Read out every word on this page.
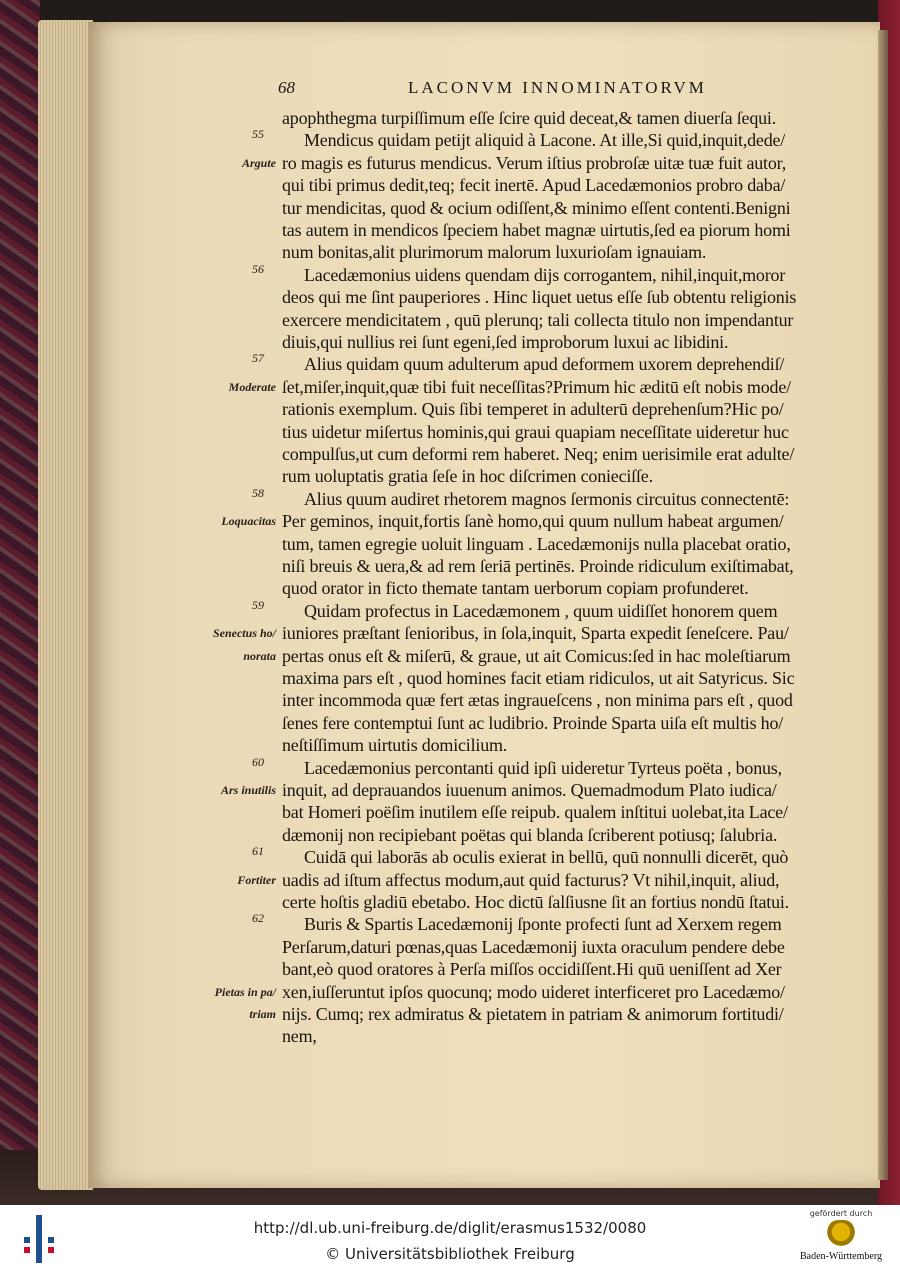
68	LACONVM INNOMINATORVM
apophthegma turpiſſimum eſſe ſcire quid deceat,& tamen diuerſa ſequi.
Mendicus quidam petijt aliquid à Lacone. At ille,Si quid,inquit,dede/
55
ro magis es futurus mendicus. Verum iſtius probroſæ uitæ tuæ fuit autor,
Argute
qui tibi primus dedit,teq; fecit inertē. Apud Lacedæmonios probro daba/
tur mendicitas, quod & ocium odiſſent,& minimo eſſent contenti.Benigni
tas autem in mendicos ſpeciem habet magnæ uirtutis,ſed ea piorum homi
num bonitas,alit plurimorum malorum luxurioſam ignauiam.
Lacedæmonius uidens quendam dijs corrogantem, nihil,inquit,moror
56
deos qui me ſint pauperiores . Hinc liquet uetus eſſe ſub obtentu religionis
exercere mendicitatem , quū plerunq; tali collecta titulo non impendantur
diuis,qui nullius rei ſunt egeni,ſed improborum luxui ac libidini.
Alius quidam quum adulterum apud deformem uxorem deprehendiſ/
57
ſet,miſer,inquit,quæ tibi fuit neceſſitas?Primum hic æditū eſt nobis mode/
Moderate
rationis exemplum. Quis ſibi temperet in adulterū deprehenſum?Hic po/
tius uidetur miſertus hominis,qui graui quapiam neceſſitate uideretur huc
compulſus,ut cum deformi rem haberet. Neq; enim uerisimile erat adulte/
rum uoluptatis gratia ſeſe in hoc diſcrimen conieciſſe.
Alius quum audiret rhetorem magnos ſermonis circuitus connectentē:
58
Per geminos, inquit,fortis ſanè homo,qui quum nullum habeat argumen/
Loquacitas
tum, tamen egregie uoluit linguam . Lacedæmonijs nulla placebat oratio,
niſi breuis & uera,& ad rem ſeriā pertinēs. Proinde ridiculum exiſtimabat,
quod orator in ficto themate tantam uerborum copiam profunderet.
Quidam profectus in Lacedæmonem , quum uidiſſet honorem quem
59
iuniores præſtant ſenioribus, in ſola,inquit, Sparta expedit ſeneſcere. Pau/
Senectus ho/
pertas onus eſt & miſerū, & graue, ut ait Comicus:ſed in hac moleſtiarum
norata
maxima pars eſt , quod homines facit etiam ridiculos, ut ait Satyricus. Sic
inter incommoda quæ fert ætas ingraueſcens , non minima pars eſt , quod
ſenes fere contemptui ſunt ac ludibrio. Proinde Sparta uiſa eſt multis ho/
neſtiſſimum uirtutis domicilium.
Lacedæmonius percontanti quid ipſi uideretur Tyrteus poëta , bonus,
60
inquit, ad deprauandos iuuenum animos. Quemadmodum Plato iudica/
Ars inutilis
bat Homeri poëſim inutilem eſſe reipub. qualem inſtitui uolebat,ita Lace/
dæmonij non recipiebant poëtas qui blanda ſcriberent potiusq; ſalubria.
Cuidā qui laborās ab oculis exierat in bellū, quū nonnulli dicerēt, quò
61
uadis ad iſtum affectus modum,aut quid facturus? Vt nihil,inquit, aliud,
Fortiter
certe hoſtis gladiū ebetabo. Hoc dictū ſalſiusne ſit an fortius nondū ſtatui.
Buris & Spartis Lacedæmonij ſponte profecti ſunt ad Xerxem regem
62
Perſarum,daturi pœnas,quas Lacedæmonij iuxta oraculum pendere debe
bant,eò quod oratores à Perſa miſſos occidiſſent.Hi quū ueniſſent ad Xer
xen,iuſſeruntut ipſos quocunq; modo uideret interficeret pro Lacedæmo/
Pietas in pa/
nijs. Cumq; rex admiratus & pietatem in patriam & animorum fortitudi/
triam
nem,
http://dl.ub.uni-freiburg.de/diglit/erasmus1532/0080
© Universitätsbibliothek Freiburg
gefördert durch
Baden-Württemberg
